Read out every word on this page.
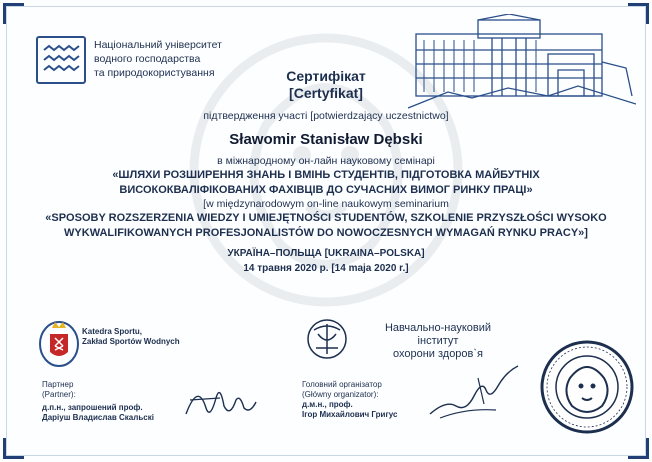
Національний університет
водного господарства
та природокористування	Сертифікат
[Certyfikat]
підтвердження участі [potwierdzający uczestnictwo]
Sławomir Stanisław Dębski
в міжнародному он-лайн науковому семінарі
«ШЛЯХИ РОЗШИРЕННЯ ЗНАНЬ І ВМІНЬ СТУДЕНТІВ, ПІДГОТОВКА МАЙБУТНІХ
ВИСОКОКВАЛІФІКОВАНИХ ФАХІВЦІВ ДО СУЧАСНИХ ВИМОГ РИНКУ ПРАЦІ»
[w międzynarodowym on-line naukowym seminarium
«SPOSOBY ROZSZERZENIA WIEDZY I UMIEJĘTNOŚCI STUDENTÓW, SZKOLENIE PRZYSZŁOŚCI WYSOKO
WYKWALIFIKOWANYCH PROFESJONALISTÓW DO NOWOCZESNYCH WYMAGAŃ RYNKU PRACY»]
УКРАЇНА–ПОЛЬЩА [UKRAINA–POLSKA]
14 травня 2020 р. [14 maja 2020 r.]
Katedra Sportu,
Zakład Sportów Wodnych
Навчально-науковий
інститут
охорони здоров`я
Партнер
(Partner):
д.п.н., запрошений проф.
Даріуш Владислав Скальскі
Головний організатор
(Główny organizator):
д.м.н., проф.
Ігор Михайлович Григус
